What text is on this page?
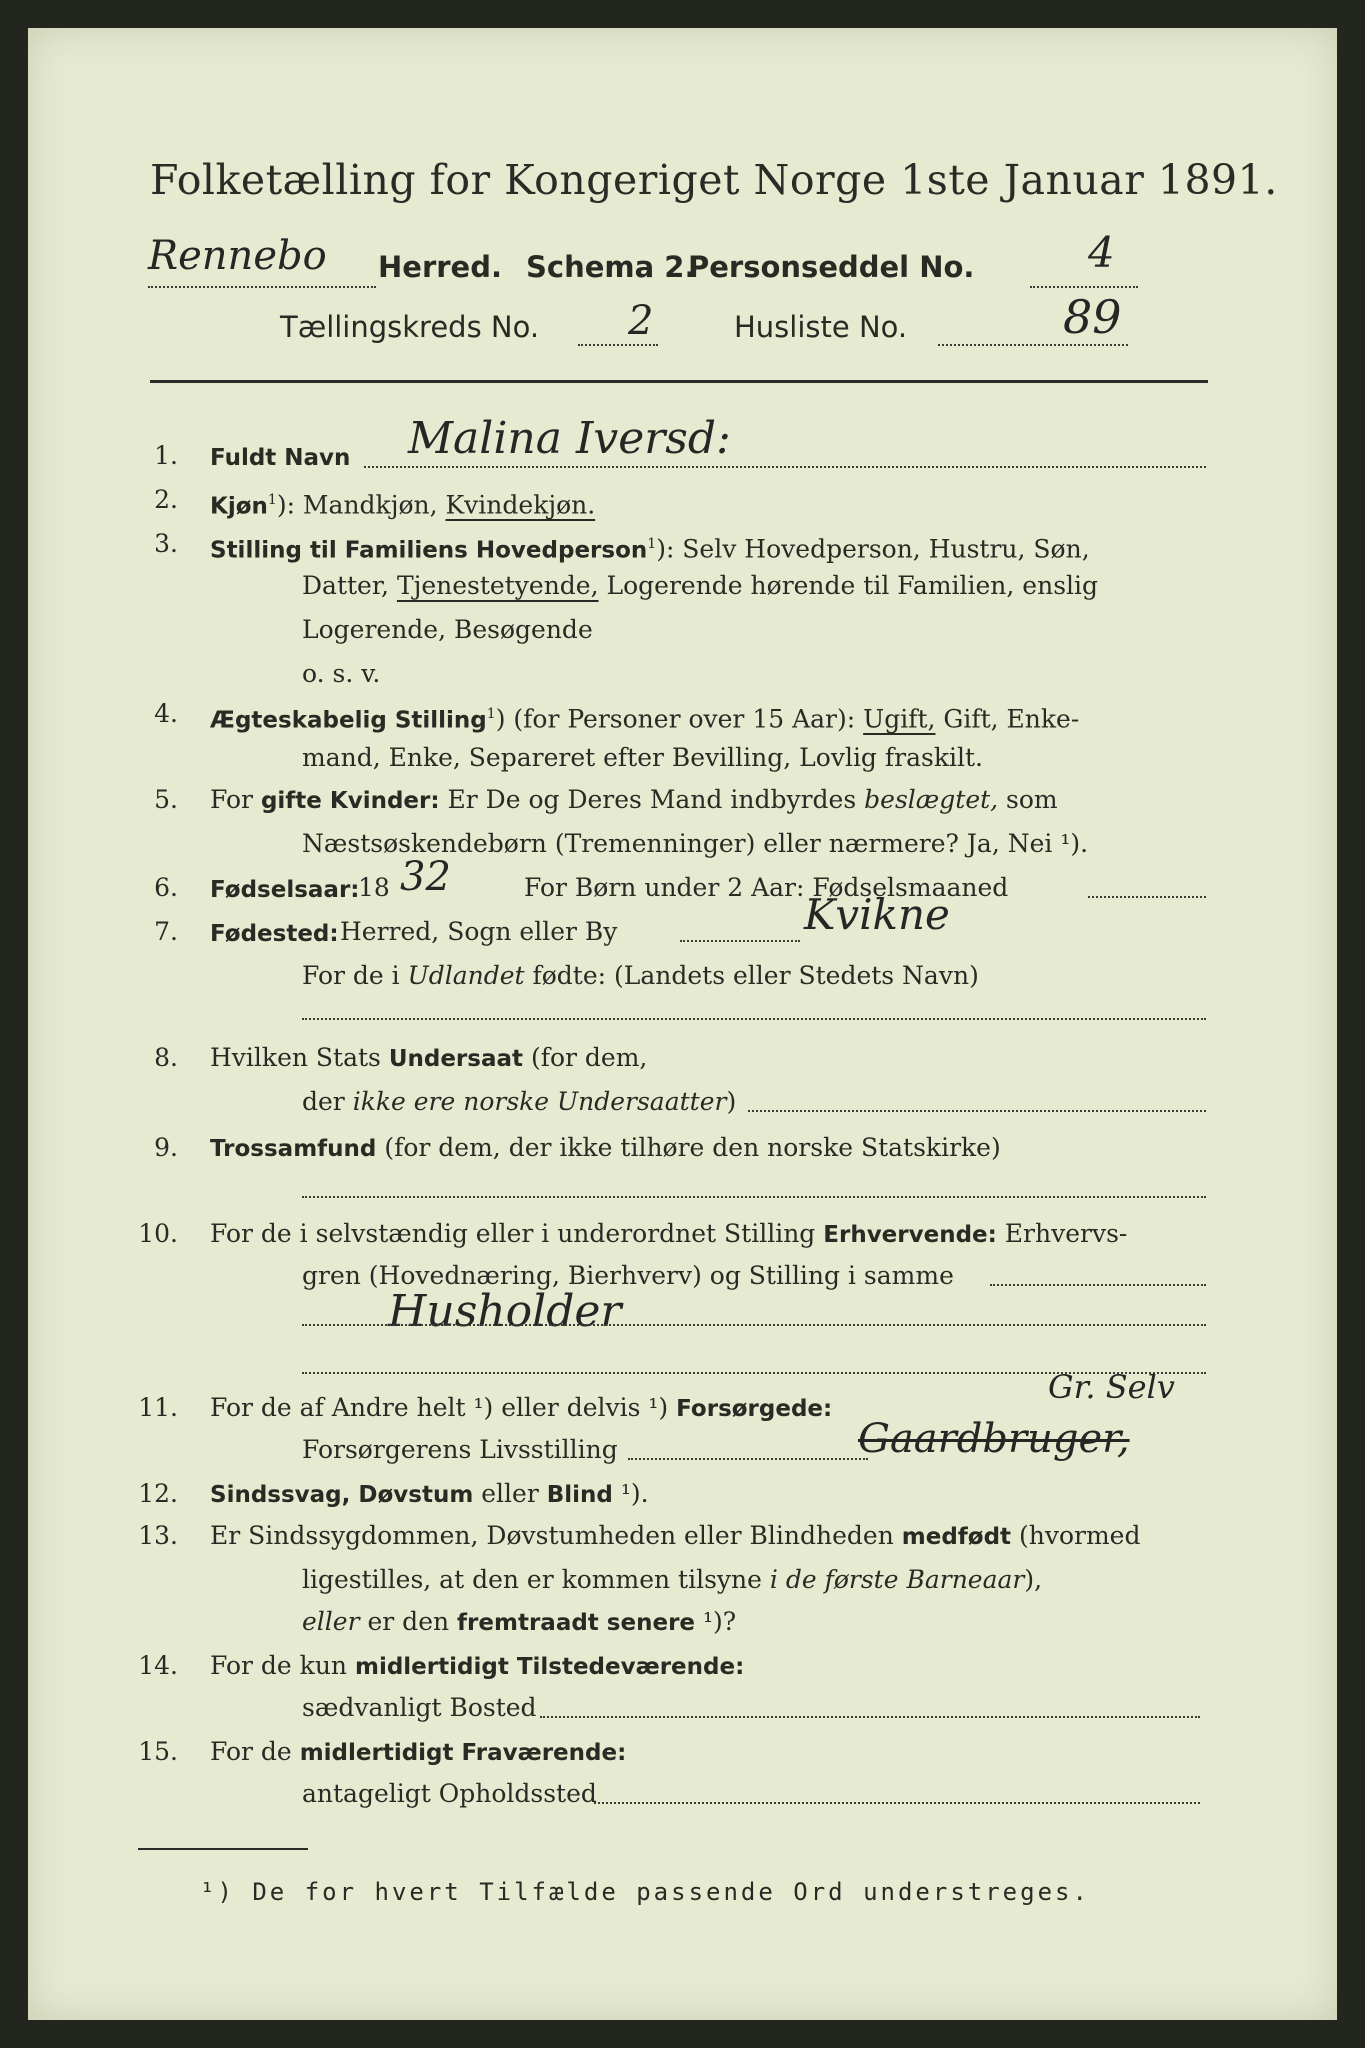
Folketælling for Kongeriget Norge 1ste Januar 1891.
Rennebo Herred. Schema 2.
Personseddel No.	4
Tællingskreds No. 2	Husliste No.	89
1. Fuldt Navn Malina Iversd:
2. Kjøn$^1$): Mandkjøn, Kvindekjøn.
3. Stilling til Familiens Hovedperson$^1$): Selv Hovedperson, Hustru, Søn,
Datter, Tjenestetyende, Logerende hørende til Familien, enslig
Logerende, Besøgende
o. s. v.
4. Ægteskabelig Stilling$^1$) (for Personer over 15 Aar): Ugift, Gift, Enke-
mand, Enke, Separeret efter Bevilling, Lovlig fraskilt.
5. For gifte Kvinder: Er De og Deres Mand indbyrdes beslægtet, som
Næstsøskendebørn (Tremenninger) eller nærmere? Ja, Nei ¹).
6. Fødselsaar:
18	For Børn under 2 Aar: Fødselsmaaned
32
7. Fødested: Herred, Sogn eller By	Kvikne
For de i Udlandet fødte: (Landets eller Stedets Navn)
8. Hvilken Stats Undersaat (for dem,
der ikke ere norske Undersaatter)
9. Trossamfund (for dem, der ikke tilhøre den norske Statskirke)
10. For de i selvstændig eller i underordnet Stilling Erhvervende: Erhvervs-
gren (Hovednæring, Bierhverv) og Stilling i samme
Husholder
11. For de af Andre helt ¹) eller delvis ¹) Forsørgede:
Gr. Selv
Forsørgerens Livsstilling	Gaardbruger,
12. Sindssvag, Døvstum eller Blind ¹).
13. Er Sindssygdommen, Døvstumheden eller Blindheden medfødt (hvormed
ligestilles, at den er kommen tilsyne i de første Barneaar),
eller er den fremtraadt senere ¹)?
14. For de kun midlertidigt Tilstedeværende:
sædvanligt Bosted
15. For de midlertidigt Fraværende:
antageligt Opholdssted
¹) De for hvert Tilfælde passende Ord understreges.
